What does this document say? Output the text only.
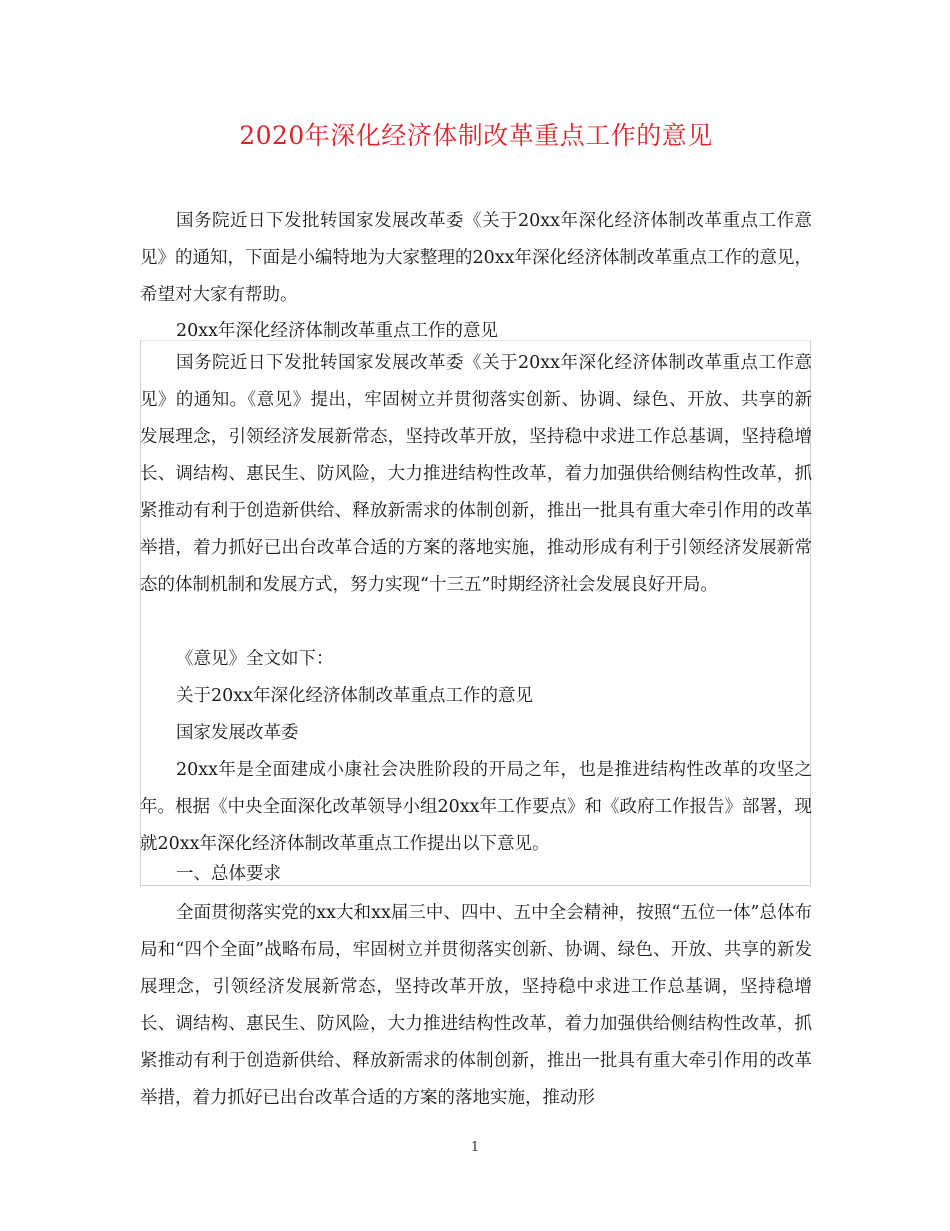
2020年深化经济体制改革重点工作的意见

国务院近日下发批转国家发展改革委《关于20xx年深化经济体制改革重点工作意见》的通知，下面是小编特地为大家整理的20xx年深化经济体制改革重点工作的意见，希望对大家有帮助。

20xx年深化经济体制改革重点工作的意见

国务院近日下发批转国家发展改革委《关于20xx年深化经济体制改革重点工作意见》的通知。《意见》提出，牢固树立并贯彻落实创新、协调、绿色、开放、共享的新发展理念，引领经济发展新常态，坚持改革开放，坚持稳中求进工作总基调，坚持稳增长、调结构、惠民生、防风险，大力推进结构性改革，着力加强供给侧结构性改革，抓紧推动有利于创造新供给、释放新需求的体制创新，推出一批具有重大牵引作用的改革举措，着力抓好已出台改革合适的方案的落地实施，推动形成有利于引领经济发展新常态的体制机制和发展方式，努力实现“十三五”时期经济社会发展良好开局。

《意见》全文如下：

关于20xx年深化经济体制改革重点工作的意见

国家发展改革委

20xx年是全面建成小康社会决胜阶段的开局之年，也是推进结构性改革的攻坚之年。根据《中央全面深化改革领导小组20xx年工作要点》和《政府工作报告》部署，现就20xx年深化经济体制改革重点工作提出以下意见。

一、总体要求

全面贯彻落实党的xx大和xx届三中、四中、五中全会精神，按照“五位一体”总体布局和“四个全面”战略布局，牢固树立并贯彻落实创新、协调、绿色、开放、共享的新发展理念，引领经济发展新常态，坚持改革开放，坚持稳中求进工作总基调，坚持稳增长、调结构、惠民生、防风险，大力推进结构性改革，着力加强供给侧结构性改革，抓紧推动有利于创造新供给、释放新需求的体制创新，推出一批具有重大牵引作用的改革举措，着力抓好已出台改革合适的方案的落地实施，推动形

1
